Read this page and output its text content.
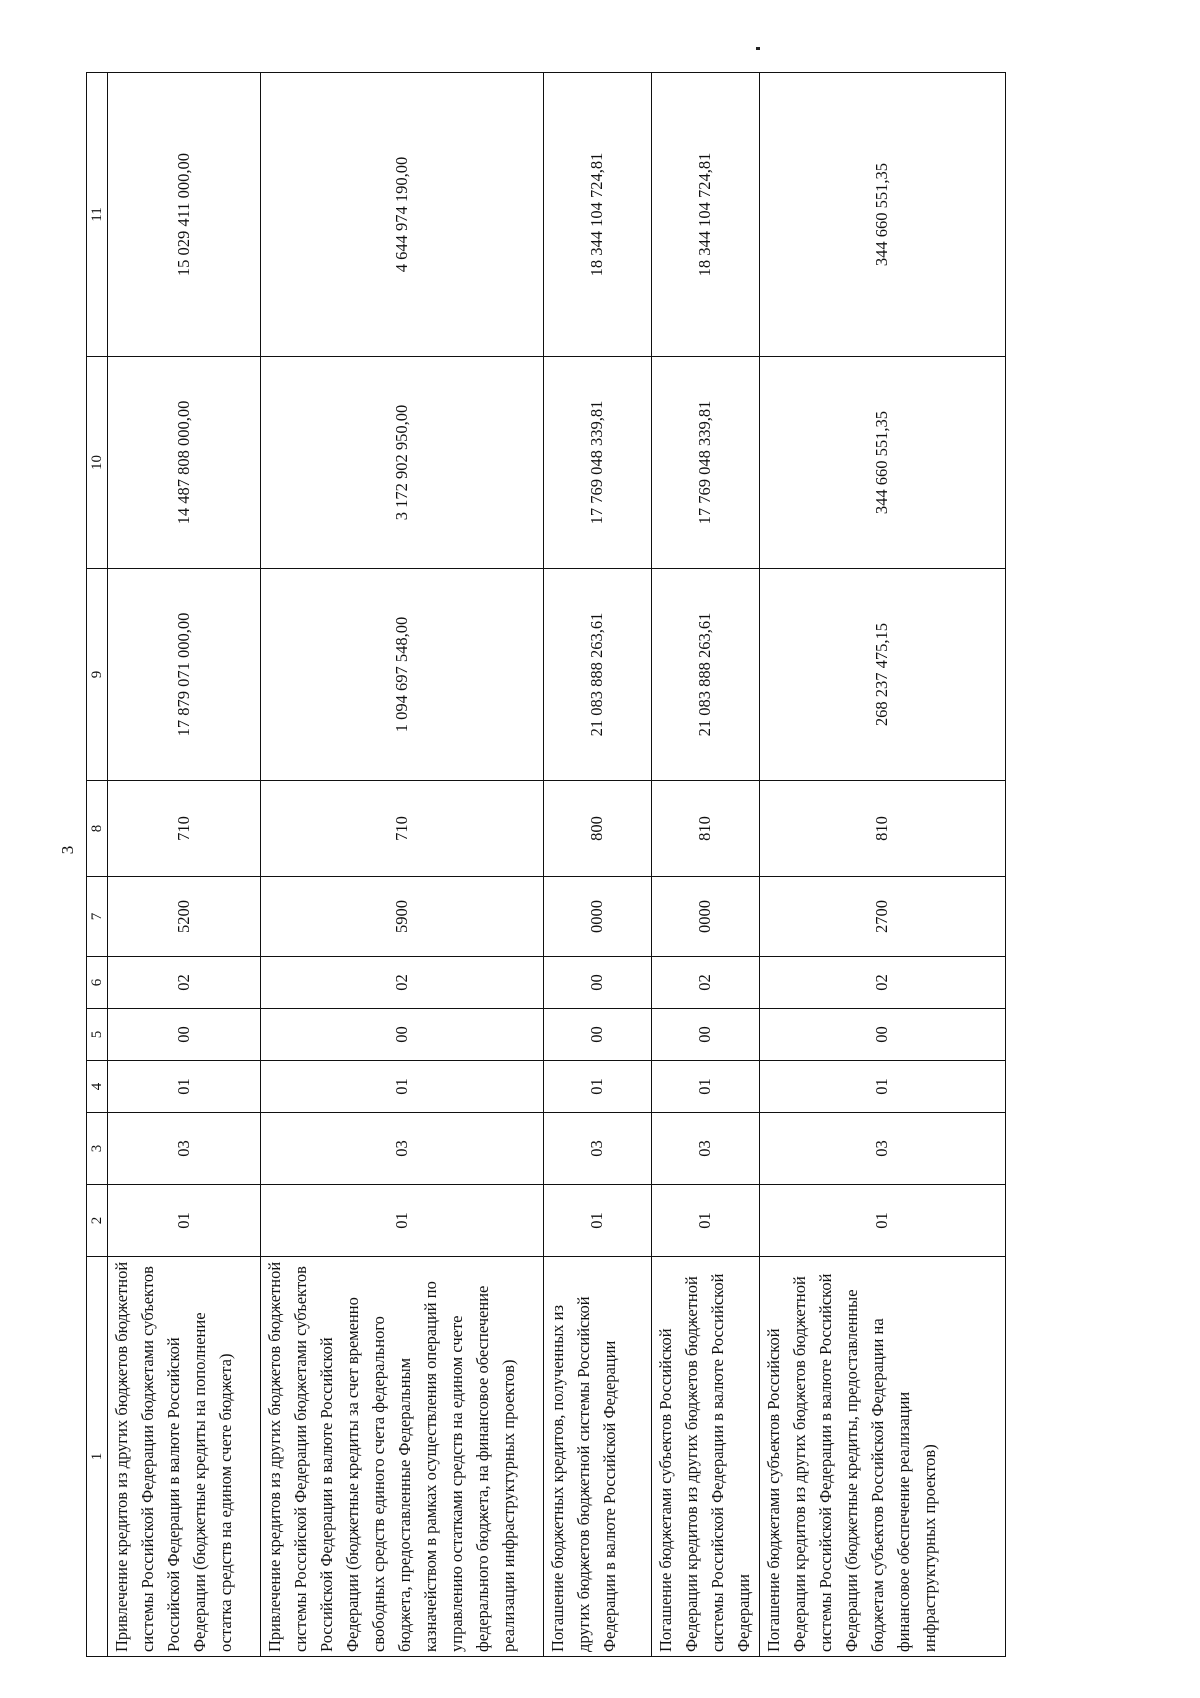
3
1	2	3	4	5	6	7	8	9	10	11
Привлечение кредитов из других бюджетов бюджетной системы Российской Федерации бюджетами субъектов Российской Федерации в валюте Российской Федерации (бюджетные кредиты на пополнение остатка средств на едином счете бюджета)	01	03	01	00	02	5200	710	17 879 071 000,00	14 487 808 000,00	15 029 411 000,00
Привлечение кредитов из других бюджетов бюджетной системы Российской Федерации бюджетами субъектов Российской Федерации в валюте Российской Федерации (бюджетные кредиты за счет временно свободных средств единого счета федерального бюджета, предоставленные Федеральным казначейством в рамках осуществления операций по управлению остатками средств на едином счете федерального бюджета, на финансовое обеспечение реализации инфраструктурных проектов)	01	03	01	00	02	5900	710	1 094 697 548,00	3 172 902 950,00	4 644 974 190,00
Погашение бюджетных кредитов, полученных из других бюджетов бюджетной системы Российской Федерации в валюте Российской Федерации	01	03	01	00	00	0000	800	21 083 888 263,61	17 769 048 339,81	18 344 104 724,81
Погашение бюджетами субъектов Российской Федерации кредитов из других бюджетов бюджетной системы Российской Федерации в валюте Российской Федерации	01	03	01	00	02	0000	810	21 083 888 263,61	17 769 048 339,81	18 344 104 724,81
Погашение бюджетами субъектов Российской Федерации кредитов из других бюджетов бюджетной системы Российской Федерации в валюте Российской Федерации (бюджетные кредиты, предоставленные бюджетам субъектов Российской Федерации на финансовое обеспечение реализации инфраструктурных проектов)	01	03	01	00	02	2700	810	268 237 475,15	344 660 551,35	344 660 551,35
